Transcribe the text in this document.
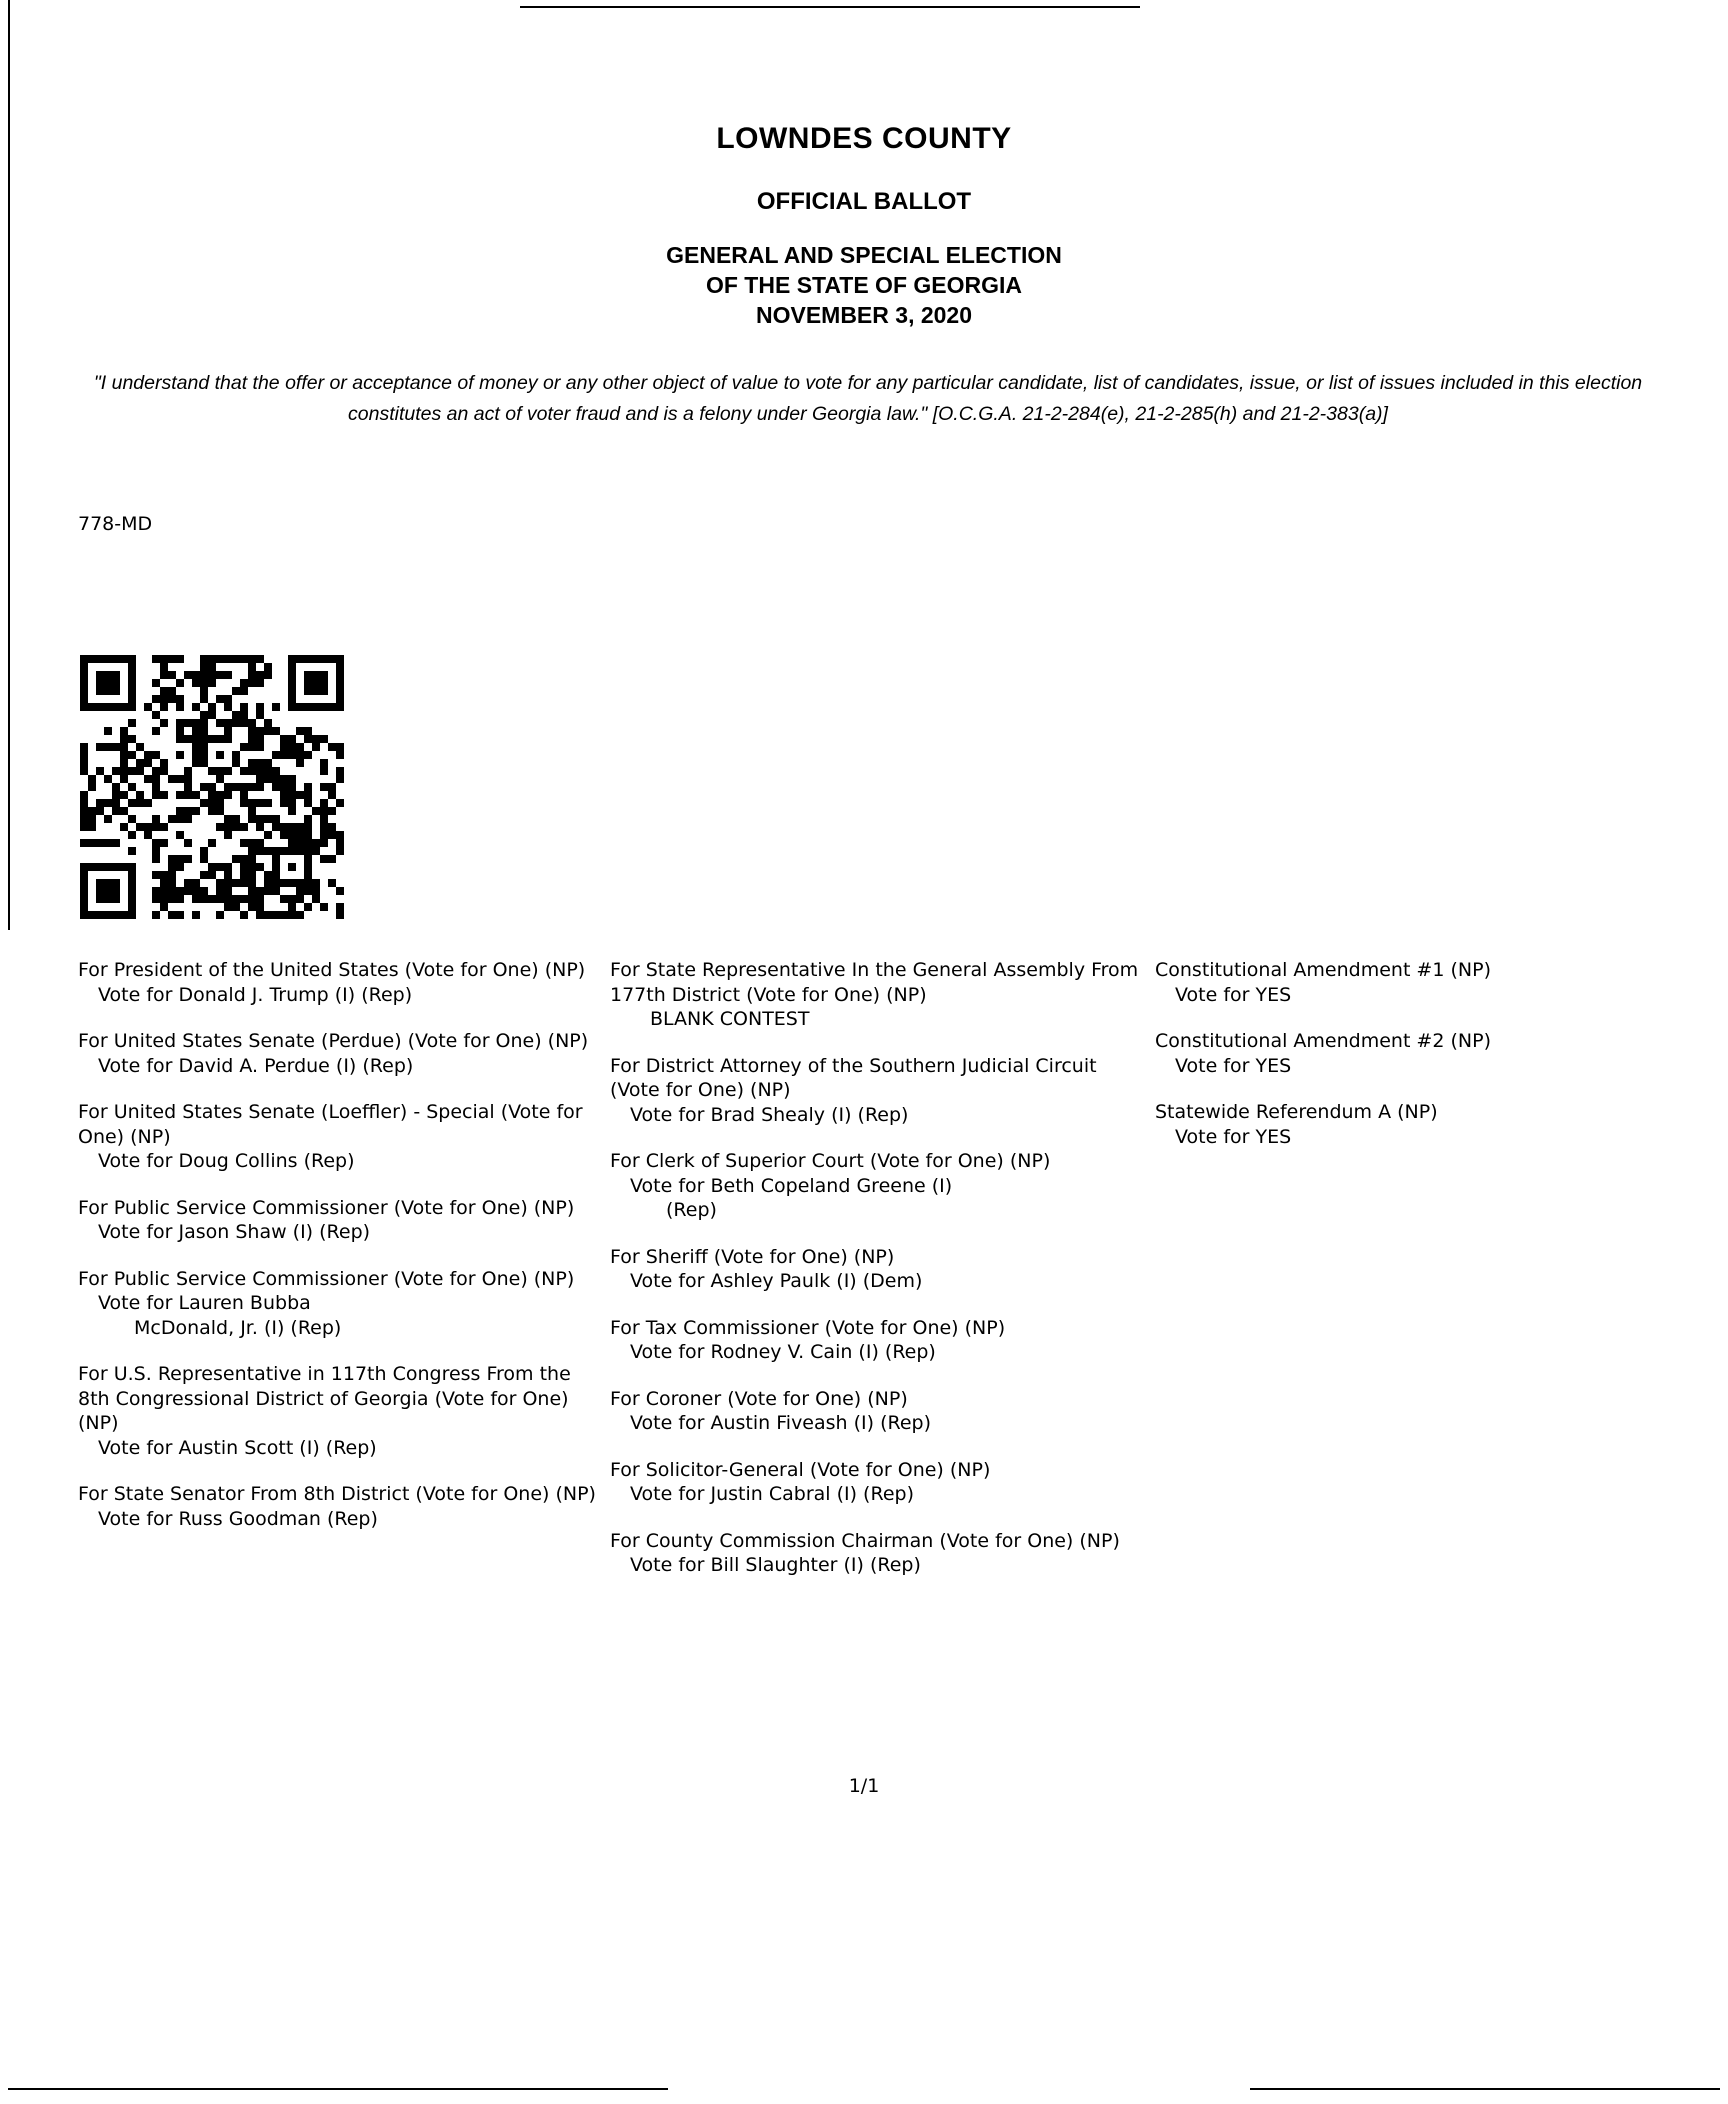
LOWNDES COUNTY
OFFICIAL BALLOT
GENERAL AND SPECIAL ELECTION
OF THE STATE OF GEORGIA
NOVEMBER 3, 2020
"I understand that the offer or acceptance of money or any other object of value to vote for any particular candidate, list of candidates, issue, or list of issues included in this election constitutes an act of voter fraud and is a felony under Georgia law." [O.C.G.A. 21-2-284(e), 21-2-285(h) and 21-2-383(a)]
778-MD
For President of the United States (Vote for One) (NP)
Vote for Donald J. Trump (I) (Rep)
For United States Senate (Perdue) (Vote for One) (NP)
Vote for David A. Perdue (I) (Rep)
For United States Senate (Loeffler) - Special (Vote for One) (NP)
Vote for Doug Collins (Rep)
For Public Service Commissioner (Vote for One) (NP)
Vote for Jason Shaw (I) (Rep)
For Public Service Commissioner (Vote for One) (NP)
Vote for Lauren Bubba
McDonald, Jr. (I) (Rep)
For U.S. Representative in 117th Congress From the 8th Congressional District of Georgia (Vote for One) (NP)
Vote for Austin Scott (I) (Rep)
For State Senator From 8th District (Vote for One) (NP)
Vote for Russ Goodman (Rep)
For State Representative In the General Assembly From 177th District (Vote for One) (NP)
BLANK CONTEST
For District Attorney of the Southern Judicial Circuit (Vote for One) (NP)
Vote for Brad Shealy (I) (Rep)
For Clerk of Superior Court (Vote for One) (NP)
Vote for Beth Copeland Greene (I)
(Rep)
For Sheriff (Vote for One) (NP)
Vote for Ashley Paulk (I) (Dem)
For Tax Commissioner (Vote for One) (NP)
Vote for Rodney V. Cain (I) (Rep)
For Coroner (Vote for One) (NP)
Vote for Austin Fiveash (I) (Rep)
For Solicitor-General (Vote for One) (NP)
Vote for Justin Cabral (I) (Rep)
For County Commission Chairman (Vote for One) (NP)
Vote for Bill Slaughter (I) (Rep)
Constitutional Amendment #1 (NP)
Vote for YES
Constitutional Amendment #2 (NP)
Vote for YES
Statewide Referendum A (NP)
Vote for YES
1/1
